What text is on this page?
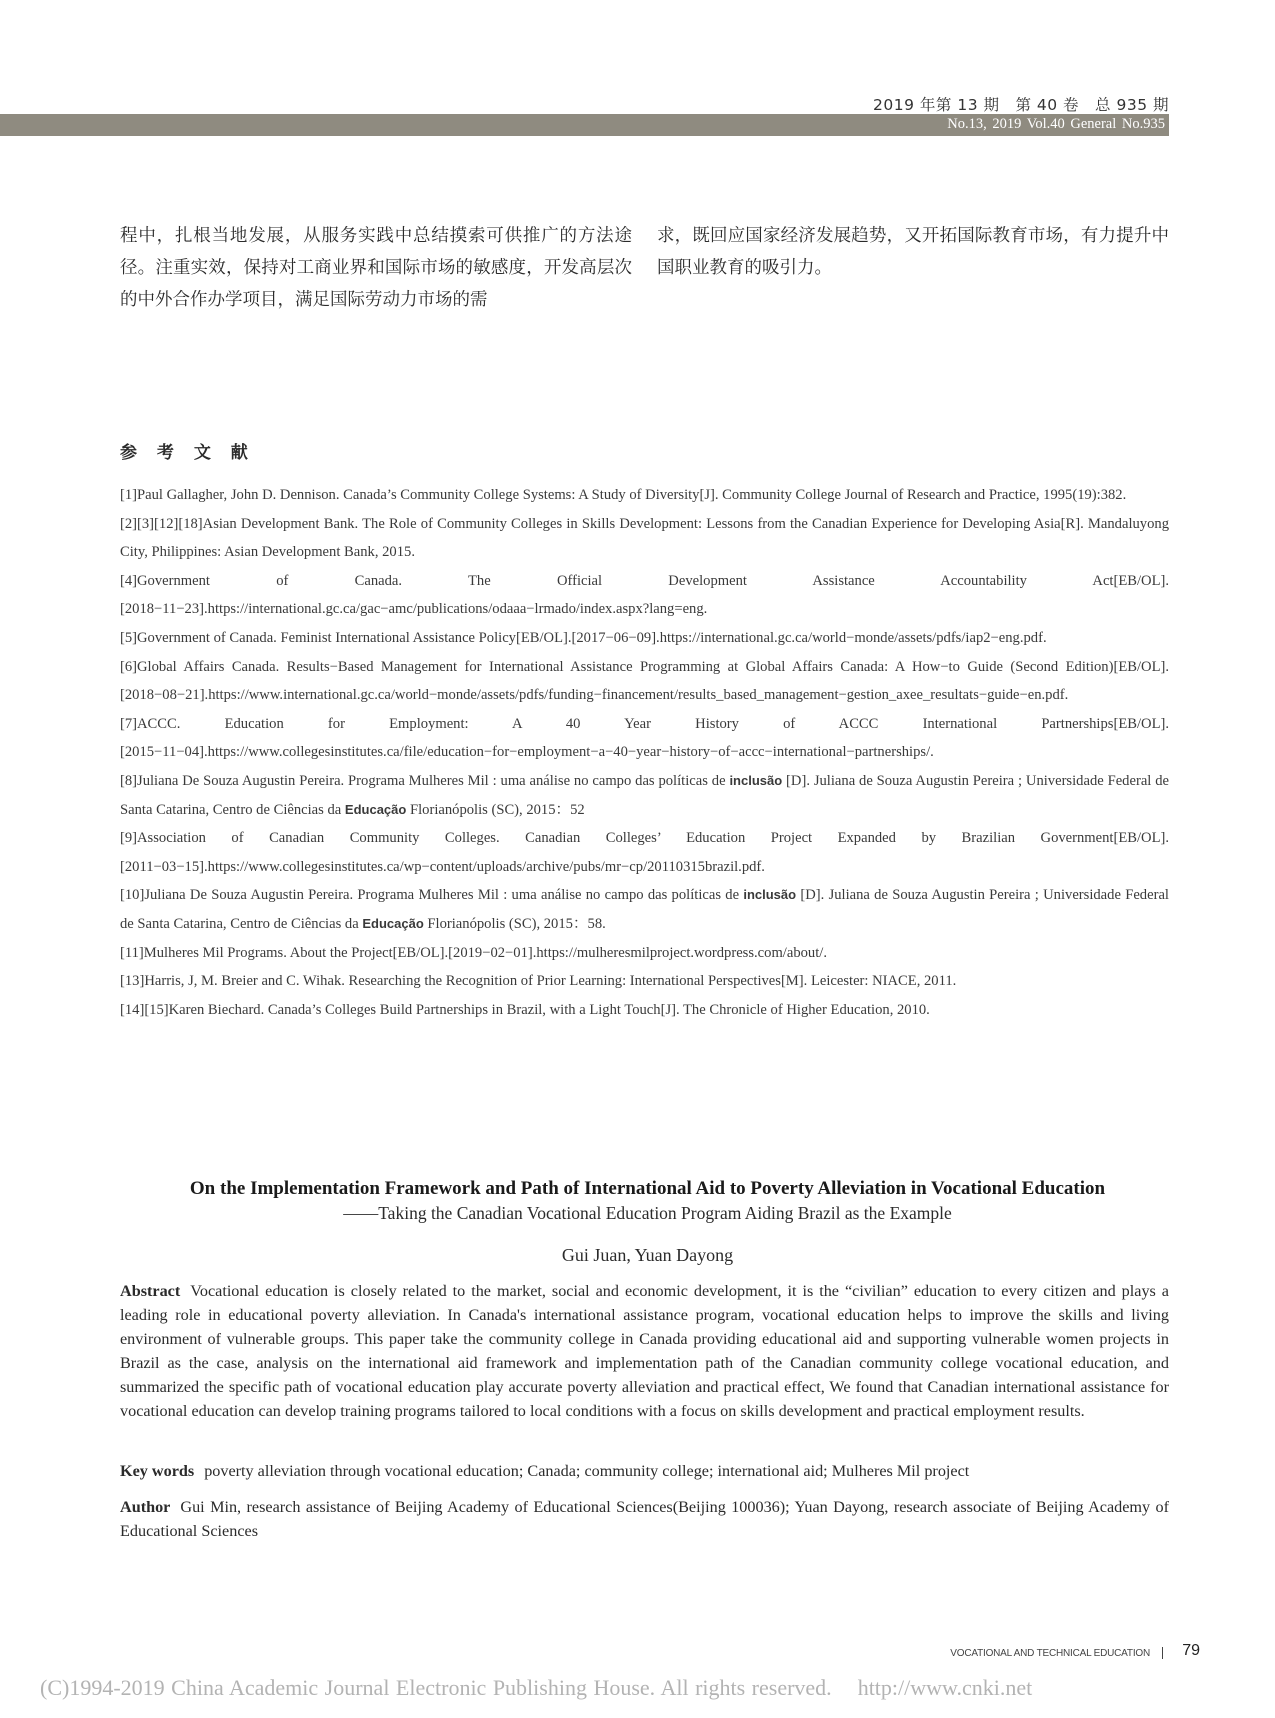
2019 年第 13 期　第 40 卷　总 935 期
No.13, 2019 Vol.40 General No.935

程中，扎根当地发展，从服务实践中总结摸索可供推广的方法途径。注重实效，保持对工商业界和国际市场的敏感度，开发高层次的中外合作办学项目，满足国际劳动力市场的需

求，既回应国家经济发展趋势，又开拓国际教育市场，有力提升中国职业教育的吸引力。

参 考 文 献

[1]Paul Gallagher, John D. Dennison. Canada’s Community College Systems: A Study of Diversity[J]. Community College Journal of Research and Practice, 1995(19):382.

[2][3][12][18]Asian Development Bank. The Role of Community Colleges in Skills Development: Lessons from the Canadian Experience for Developing Asia[R]. Mandaluyong City, Philippines: Asian Development Bank, 2015.

[4]Government of Canada. The Official Development Assistance Accountability Act[EB/OL].[2018−11−23].https://international.gc.ca/gac−amc/publications/odaaa−lrmado/index.aspx?lang=eng.

[5]Government of Canada. Feminist International Assistance Policy[EB/OL].[2017−06−09].https://international.gc.ca/world−monde/assets/pdfs/iap2−eng.pdf.

[6]Global Affairs Canada. Results−Based Management for International Assistance Programming at Global Affairs Canada: A How−to Guide (Second Edition)[EB/OL].[2018−08−21].https://www.international.gc.ca/world−monde/assets/pdfs/funding−financement/results_based_management−gestion_axee_resultats−guide−en.pdf.

[7]ACCC. Education for Employment: A 40 Year History of ACCC International Partnerships[EB/OL].[2015−11−04].https://www.collegesinstitutes.ca/file/education−for−employment−a−40−year−history−of−accc−international−partnerships/.

[8]Juliana De Souza Augustin Pereira. Programa Mulheres Mil : uma análise no campo das políticas de inclusão [D]. Juliana de Souza Augustin Pereira ; Universidade Federal de Santa Catarina, Centro de Ciências da Educação Florianópolis (SC), 2015：52

[9]Association of Canadian Community Colleges. Canadian Colleges’ Education Project Expanded by Brazilian Government[EB/OL].[2011−03−15].https://www.collegesinstitutes.ca/wp−content/uploads/archive/pubs/mr−cp/20110315brazil.pdf.

[10]Juliana De Souza Augustin Pereira. Programa Mulheres Mil : uma análise no campo das políticas de inclusão [D]. Juliana de Souza Augustin Pereira ; Universidade Federal de Santa Catarina, Centro de Ciências da Educação Florianópolis (SC), 2015：58.

[11]Mulheres Mil Programs. About the Project[EB/OL].[2019−02−01].https://mulheresmilproject.wordpress.com/about/.

[13]Harris, J, M. Breier and C. Wihak. Researching the Recognition of Prior Learning: International Perspectives[M]. Leicester: NIACE, 2011.

[14][15]Karen Biechard. Canada’s Colleges Build Partnerships in Brazil, with a Light Touch[J]. The Chronicle of Higher Education, 2010.

On the Implementation Framework and Path of International Aid to Poverty Alleviation in Vocational Education
——Taking the Canadian Vocational Education Program Aiding Brazil as the Example
Gui Juan, Yuan Dayong

Abstract Vocational education is closely related to the market, social and economic development, it is the “civilian” education to every citizen and plays a leading role in educational poverty alleviation. In Canada's international assistance program, vocational education helps to improve the skills and living environment of vulnerable groups. This paper take the community college in Canada providing educational aid and supporting vulnerable women projects in Brazil as the case, analysis on the international aid framework and implementation path of the Canadian community college vocational education, and summarized the specific path of vocational education play accurate poverty alleviation and practical effect, We found that Canadian international assistance for vocational education can develop training programs tailored to local conditions with a focus on skills development and practical employment results.

Key words poverty alleviation through vocational education; Canada; community college; international aid; Mulheres Mil project

Author Gui Min, research assistance of Beijing Academy of Educational Sciences(Beijing 100036); Yuan Dayong, research associate of Beijing Academy of Educational Sciences

VOCATIONAL AND TECHNICAL EDUCATION 79
(C)1994-2019 China Academic Journal Electronic Publishing House. All rights reserved. http://www.cnki.net
